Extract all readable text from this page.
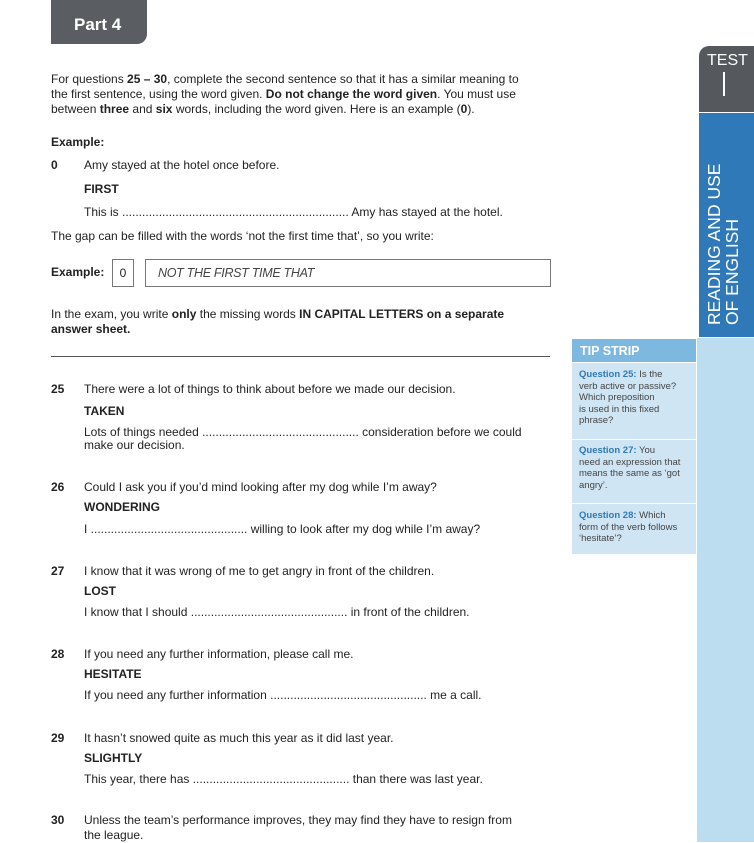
Part 4
For questions 25 – 30, complete the second sentence so that it has a similar meaning to
the first sentence, using the word given. Do not change the word given. You must use
between three and six words, including the word given. Here is an example (0).
Example:
0 Amy stayed at the hotel once before.
FIRST
This is .................................................................... Amy has stayed at the hotel.
The gap can be filled with the words ‘not the first time that’, so you write:
Example:	0	NOT THE FIRST TIME THAT
In the exam, you write only the missing words IN CAPITAL LETTERS on a separate
answer sheet.
25 There were a lot of things to think about before we made our decision.
TAKEN
Lots of things needed ............................................... consideration before we could
make our decision.
26 Could I ask you if you’d mind looking after my dog while I’m away?
WONDERING
I ............................................... willing to look after my dog while I’m away?
27 I know that it was wrong of me to get angry in front of the children.
LOST
I know that I should ............................................... in front of the children.
28 If you need any further information, please call me.
HESITATE
If you need any further information ............................................... me a call.
29 It hasn’t snowed quite as much this year as it did last year.
SLIGHTLY
This year, there has ............................................... than there was last year.
30 Unless the team’s performance improves, they may find they have to resign from
the league.
TEST
READING AND USE
OF ENGLISH
TIP STRIP
Question 25: Is the
verb active or passive?
Which preposition
is used in this fixed
phrase?
Question 27: You
need an expression that
means the same as ‘got
angry’.
Question 28: Which
form of the verb follows
‘hesitate’?
